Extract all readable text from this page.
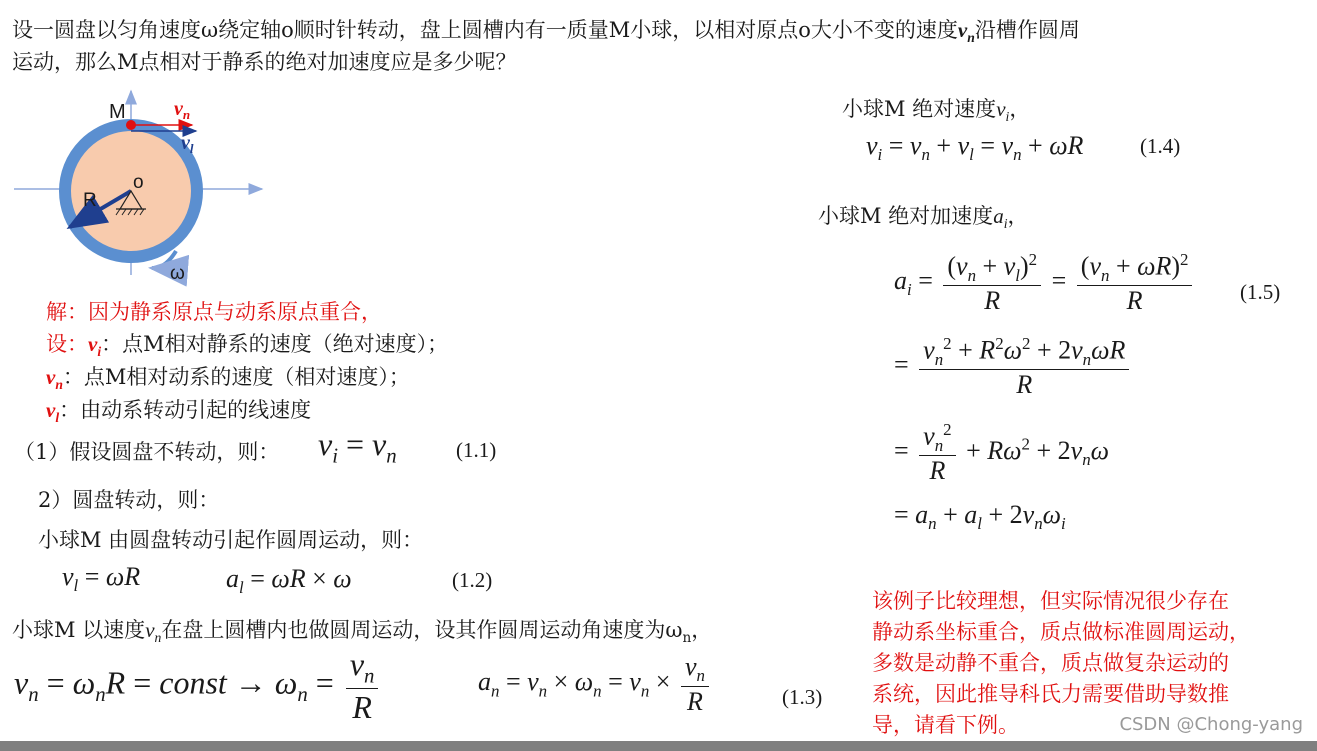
设一圆盘以匀角速度ω绕定轴o顺时针转动，盘上圆槽内有一质量M小球，以相对原点o大小不变的速度$v_n$沿槽作圆周
运动，那么M点相对于静系的绝对加速度应是多少呢？
M $v_n$
$v_l$
o
R
ω
解：因为静系原点与动系原点重合，
设：$v_i$：点M相对静系的速度（绝对速度）；
$v_n$：点M相对动系的速度（相对速度）；
$v_l$：由动系转动引起的线速度
（1）假设圆盘不转动，则： $v_i = v_n$	(1.1)
2）圆盘转动，则：
小球M 由圆盘转动引起作圆周运动，则：
$v_l = \omega R$	$a_l = \omega R \times \omega$	(1.2)
小球M 以速度$v_n$在盘上圆槽内也做圆周运动，设其作圆周运动角速度为$\omega_n$，
$v_n = \omega_nR$ = const → $\omega_n = \frac{v_n}{R}$	$a_n = v_n \times \omega_n = v_n \times \frac{v_n}{R}$	(1.3)
小球M 绝对速度$v_i$，
$v_i = v_n + v_l = v_n + \omega R$	(1.4)
小球M 绝对加速度$a_i$，
$a_i = \frac{(v_n + v_l)^2}{R} = \frac{(v_n + \omega R)^2}{R} (1.5)$
= $\frac{v_n^2 + R^2\omega^2 + 2v_n\omega R}{R}$
= $\frac{v_n^2}{R} + R\omega^2 + 2v_n\omega$
= $a_n + a_l + 2v_n\omega_i$
该例子比较理想，但实际情况很少存在
静动系坐标重合，质点做标准圆周运动，
多数是动静不重合，质点做复杂运动的
系统，因此推导科氏力需要借助导数推
导，请看下例。	CSDN @Chong-yang
